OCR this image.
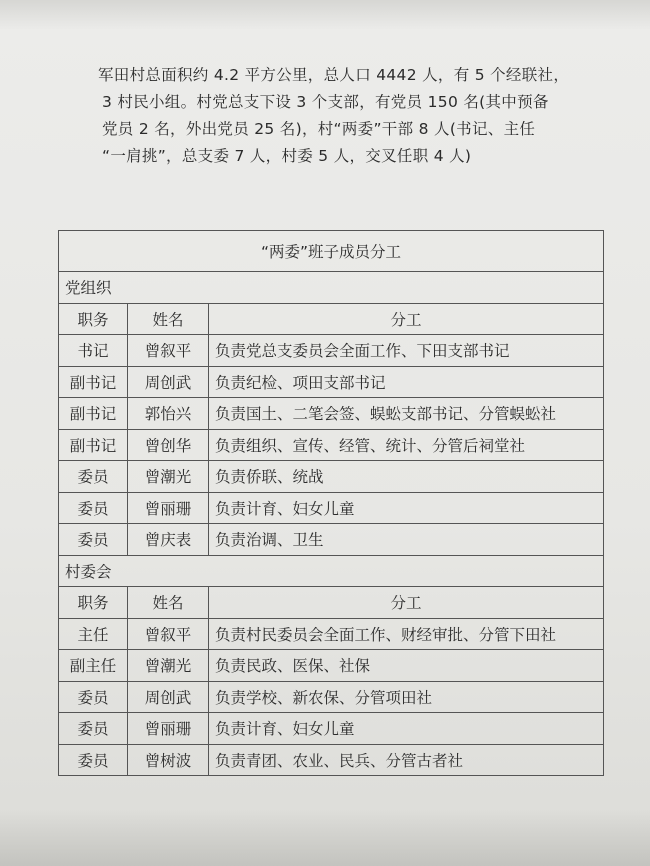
军田村总面积约 4.2 平方公里，总人口 4442 人，有 5 个经联社，

3 村民小组。村党总支下设 3 个支部，有党员 150 名(其中预备

党员 2 名，外出党员 25 名)，村“两委”干部 8 人(书记、主任

“一肩挑”，总支委 7 人，村委 5 人，交叉任职 4 人)

“两委”班子成员分工		
党组织		
职务	姓名	分工
书记	曾叙平	负责党总支委员会全面工作、下田支部书记
副书记	周创武	负责纪检、项田支部书记
副书记	郭怡兴	负责国土、二笔会签、蜈蚣支部书记、分管蜈蚣社
副书记	曾创华	负责组织、宣传、经管、统计、分管后祠堂社
委员	曾潮光	负责侨联、统战
委员	曾丽珊	负责计育、妇女儿童
委员	曾庆表	负责治调、卫生
村委会		
职务	姓名	分工
主任	曾叙平	负责村民委员会全面工作、财经审批、分管下田社
副主任	曾潮光	负责民政、医保、社保
委员	周创武	负责学校、新农保、分管项田社
委员	曾丽珊	负责计育、妇女儿童
委员	曾树波	负责青团、农业、民兵、分管古者社
